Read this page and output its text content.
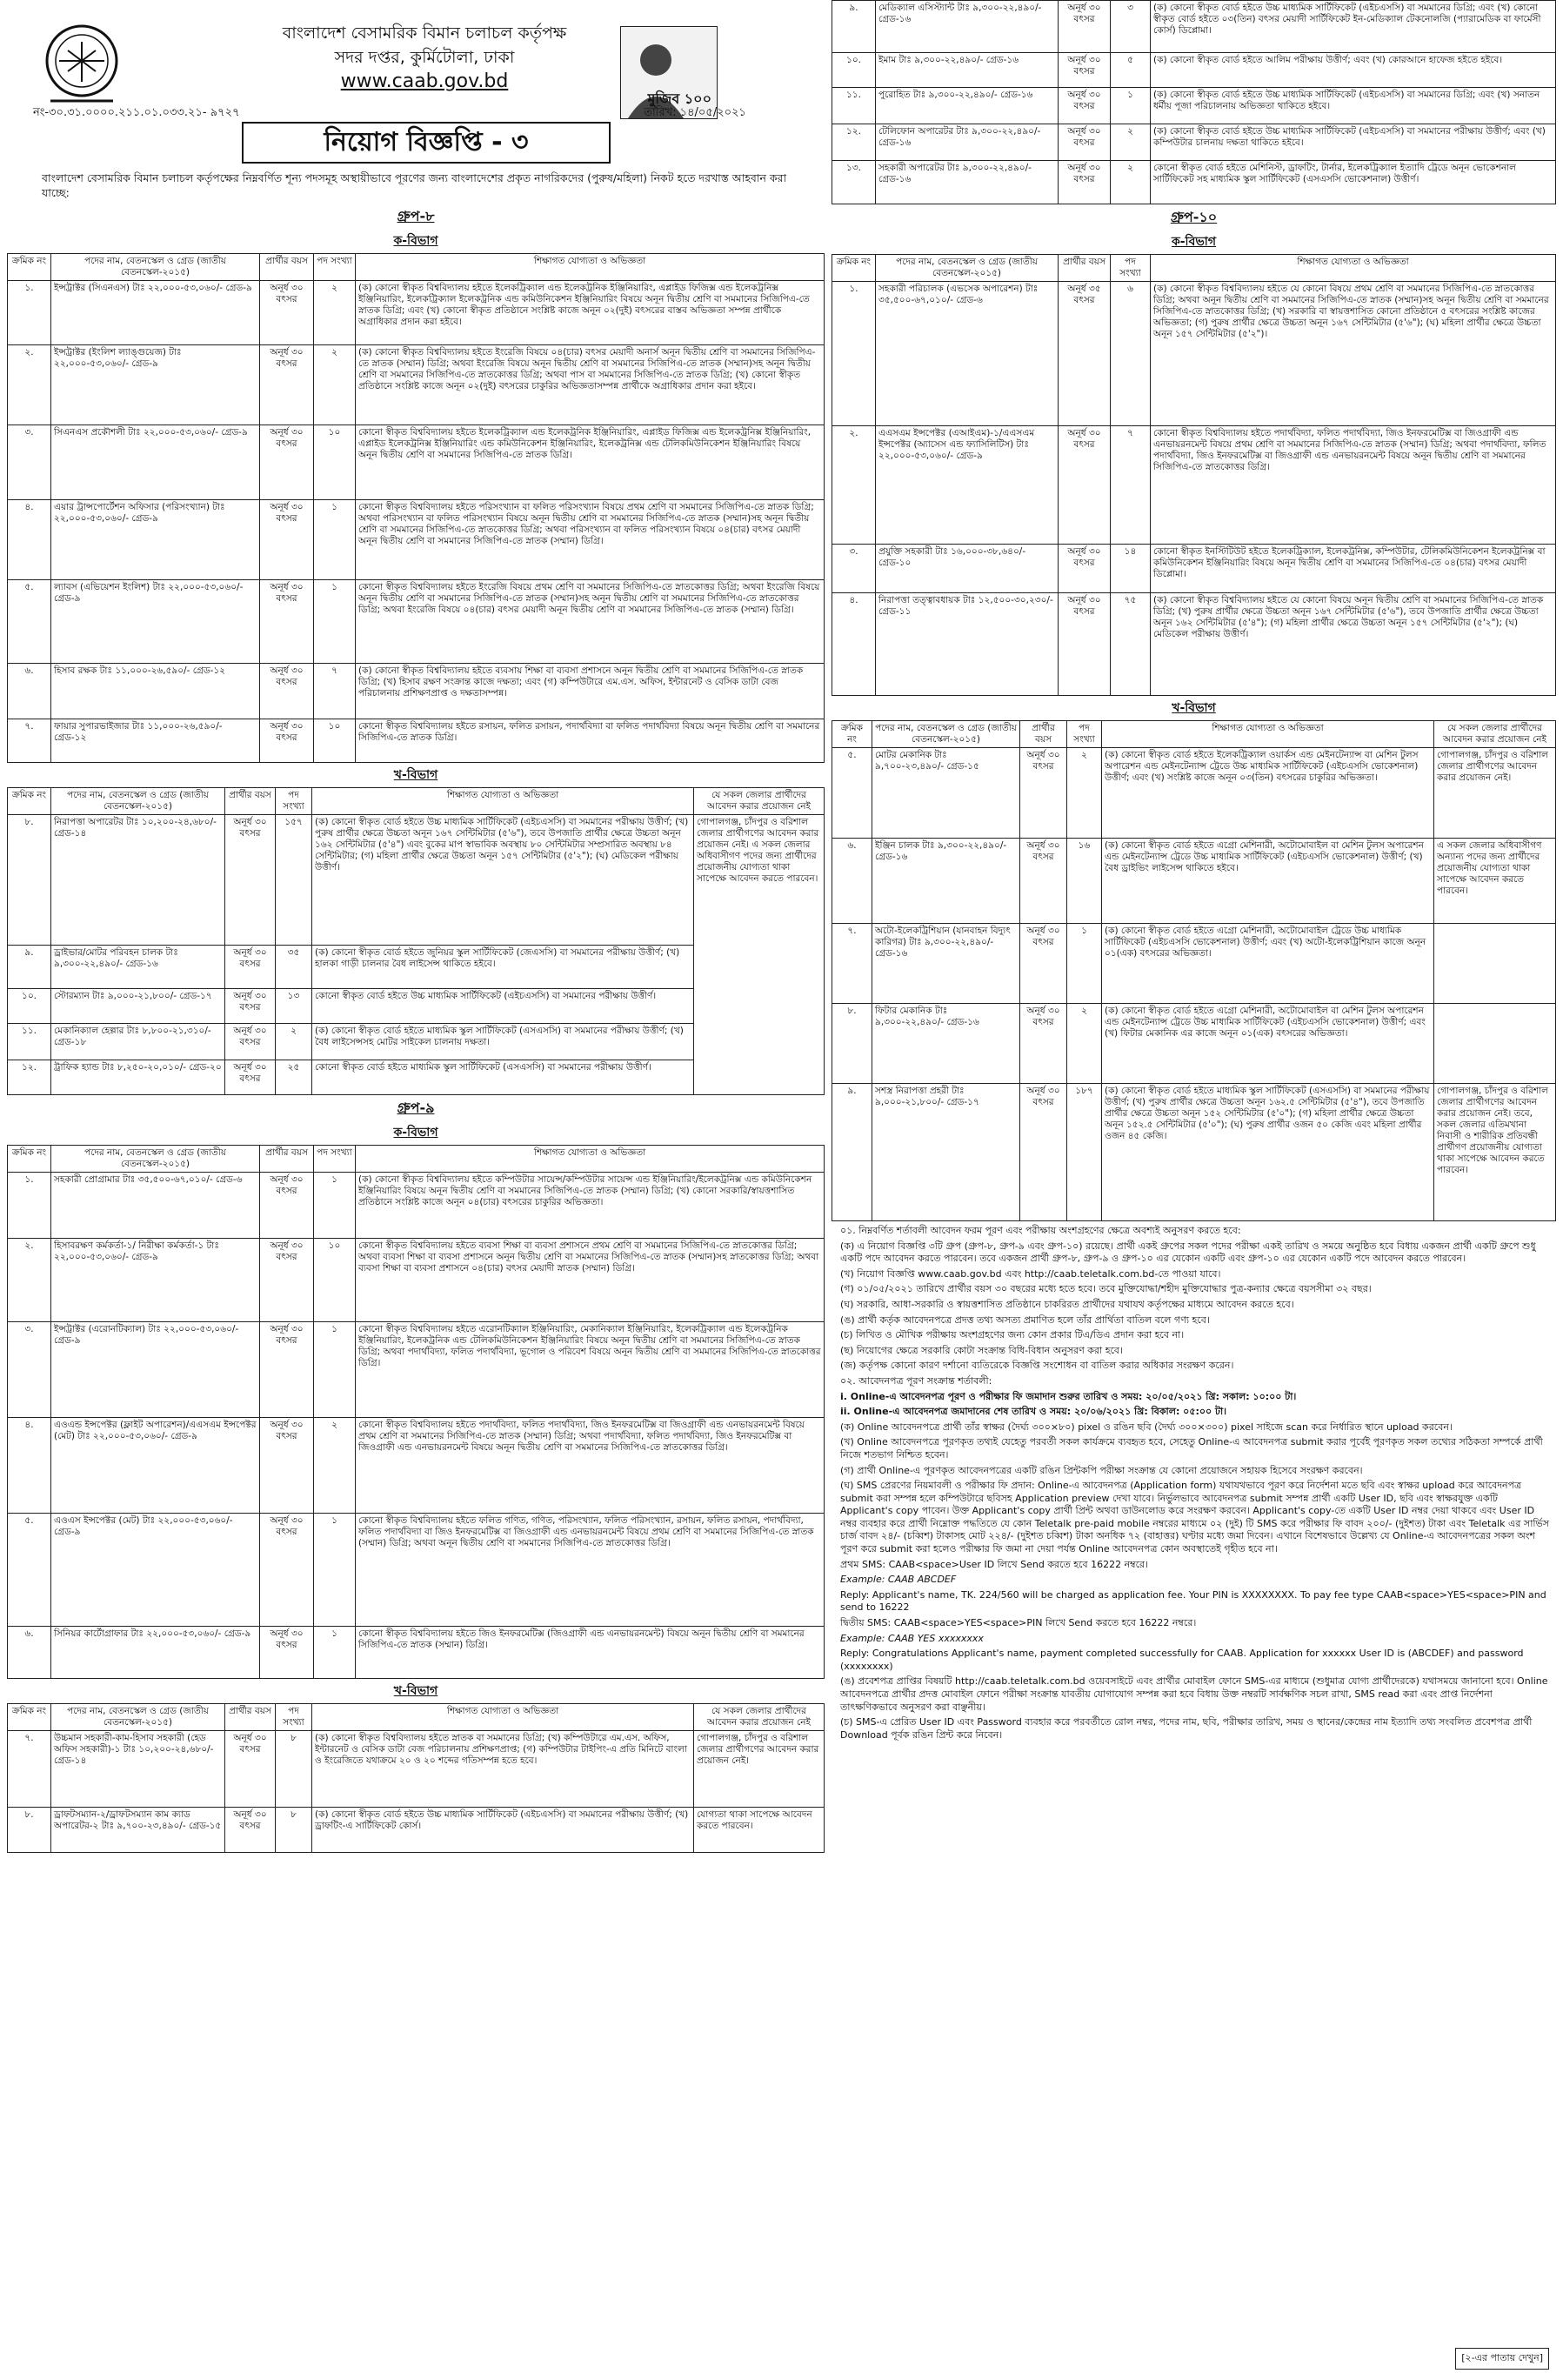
বাংলাদেশ বেসামরিক বিমান চলাচল কর্তৃপক্ষ
সদর দপ্তর, কুর্মিটোলা, ঢাকা
www.caab.gov.bd
মুজিব ১০০
নং-৩০.৩১.০০০০.২১১.০১.০৩৩.২১- ৯৭২৭	তারিখ: ১৪/০৫/২০২১
নিয়োগ বিজ্ঞপ্তি - ৩
বাংলাদেশ বেসামরিক বিমান চলাচল কর্তৃপক্ষের নিম্নবর্ণিত শূন্য পদসমূহ অস্থায়ীভাবে পূরণের জন্য বাংলাদেশের প্রকৃত নাগরিকদের (পুরুষ/মহিলা) নিকট হতে দরখাস্ত আহবান করা যাচ্ছে:
গ্রুপ-৮
ক-বিভাগ
ক্রমিক নং	পদের নাম, বেতনস্কেল ও গ্রেড (জাতীয় বেতনস্কেল-২০১৫)	প্রার্থীর বয়স	পদ সংখ্যা	শিক্ষাগত যোগ্যতা ও অভিজ্ঞতা
১.	ইন্সট্রাক্টর (সিএনএস) টাঃ ২২,০০০-৫৩,০৬০/- গ্রেড-৯	অনূর্ধ ৩০ বৎসর	২	(ক) কোনো স্বীকৃত বিশ্ববিদ্যালয় হইতে ইলেকট্রিক্যাল এন্ড ইলেকট্রনিক ইঞ্জিনিয়ারিং, এপ্লাইড ফিজিক্স এন্ড ইলেকট্রনিক্স ইঞ্জিনিয়ারিং, ইলেকট্রিক্যাল ইলেকট্রনিক এন্ড কমিউনিকেশন ইঞ্জিনিয়ারিং বিষয়ে অনূন দ্বিতীয় শ্রেণি বা সমমানের সিজিপিএ-তে স্নাতক ডিগ্রি; এবং (খ) কোনো স্বীকৃত প্রতিষ্ঠানে সংশ্লিষ্ট কাজে অনূন ০২(দুই) বৎসরের বাস্তব অভিজ্ঞতা সম্পন্ন প্রার্থীকে অগ্রাধিকার প্রদান করা হইবে।
২.	ইন্সট্রাক্টর (ইংলিশ ল্যাঙ্গুয়েজ) টাঃ ২২,০০০-৫৩,০৬০/- গ্রেড-৯	অনূর্ধ ৩০ বৎসর	২	(ক) কোনো স্বীকৃত বিশ্ববিদ্যালয় হইতে ইংরেজি বিষয়ে ০৪(চার) বৎসর মেয়াদী অনার্স অনূন দ্বিতীয় শ্রেণি বা সমমানের সিজিপিএ-তে স্নাতক (সম্মান) ডিগ্রি; অথবা ইংরেজি বিষয়ে অনূন দ্বিতীয় শ্রেণি বা সমমানের সিজিপিএ-তে স্নাতক (সম্মান)সহ অনূন দ্বিতীয় শ্রেণি বা সমমানের সিজিপিএ-তে স্নাতকোত্তর ডিগ্রি; অথবা পাস বা সমমানের সিজিপিএ-তে স্নাতক ডিগ্রি; (খ) কোনো স্বীকৃত প্রতিষ্ঠানে সংশ্লিষ্ট কাজে অনূন ০২(দুই) বৎসরের চাকুরির অভিজ্ঞতাসম্পন্ন প্রার্থীকে অগ্রাধিকার প্রদান করা হইবে।
৩.	সিএনএস প্রকৌশলী টাঃ ২২,০০০-৫৩,০৬০/- গ্রেড-৯	অনূর্ধ ৩০ বৎসর	১০	কোনো স্বীকৃত বিশ্ববিদ্যালয় হইতে ইলেকট্রিক্যাল এন্ড ইলেকট্রনিক ইঞ্জিনিয়ারিং, এপ্লাইড ফিজিক্স এন্ড ইলেকট্রনিক্স ইঞ্জিনিয়ারিং, এপ্লাইড ইলেকট্রনিক্স ইঞ্জিনিয়ারিং এন্ড কমিউনিকেশন ইঞ্জিনিয়ারিং, ইলেকট্রনিক্স এন্ড টেলিকমিউনিকেশন ইঞ্জিনিয়ারিং বিষয়ে অনূন দ্বিতীয় শ্রেণি বা সমমানের সিজিপিএ-তে স্নাতক ডিগ্রি।
৪.	এয়ার ট্রান্সপোর্টেশন অফিসার (পরিসংখ্যান) টাঃ ২২,০০০-৫৩,০৬০/- গ্রেড-৯	অনূর্ধ ৩০ বৎসর	১	কোনো স্বীকৃত বিশ্ববিদ্যালয় হইতে পরিসংখ্যান বা ফলিত পরিসংখ্যান বিষয়ে প্রথম শ্রেণি বা সমমানের সিজিপিএ-তে স্নাতক ডিগ্রি; অথবা পরিসংখ্যান বা ফলিত পরিসংখ্যান বিষয়ে অনূন দ্বিতীয় শ্রেণি বা সমমানের সিজিপিএ-তে স্নাতক (সম্মান)সহ অনূন দ্বিতীয় শ্রেণি বা সমমানের সিজিপিএ-তে স্নাতকোত্তর ডিগ্রি; অথবা পরিসংখ্যান বা ফলিত পরিসংখ্যান বিষয়ে ০৪(চার) বৎসর মেয়াদী অনূন দ্বিতীয় শ্রেণি বা সমমানের সিজিপিএ-তে স্নাতক (সম্মান) ডিগ্রি।
৫.	ল্যাবস (এভিয়েশন ইংলিশ) টাঃ ২২,০০০-৫৩,০৬০/- গ্রেড-৯	অনূর্ধ ৩০ বৎসর	১	কোনো স্বীকৃত বিশ্ববিদ্যালয় হইতে ইংরেজি বিষয়ে প্রথম শ্রেণি বা সমমানের সিজিপিএ-তে স্নাতকোত্তর ডিগ্রি; অথবা ইংরেজি বিষয়ে অনূন দ্বিতীয় শ্রেণি বা সমমানের সিজিপিএ-তে স্নাতক (সম্মান)সহ অনূন দ্বিতীয় শ্রেণি বা সমমানের সিজিপিএ-তে স্নাতকোত্তর ডিগ্রি; অথবা ইংরেজি বিষয়ে ০৪(চার) বৎসর মেয়াদী অনূন দ্বিতীয় শ্রেণি বা সমমানের সিজিপিএ-তে স্নাতক (সম্মান) ডিগ্রি।
৬.	হিসাব রক্ষক টাঃ ১১,০০০-২৬,৫৯০/- গ্রেড-১২	অনূর্ধ ৩০ বৎসর	৭	(ক) কোনো স্বীকৃত বিশ্ববিদ্যালয় হইতে ব্যবসায় শিক্ষা বা ব্যবসা প্রশাসনে অনূন দ্বিতীয় শ্রেণি বা সমমানের সিজিপিএ-তে স্নাতক ডিগ্রি; (খ) হিসাব রক্ষণ সংক্রান্ত কাজে দক্ষতা; এবং (গ) কম্পিউটারে এম.এস. অফিস, ইন্টারনেট ও বেসিক ডাটা বেজ পরিচালনায় প্রশিক্ষণপ্রাপ্ত ও দক্ষতাসম্পন্ন।
৭.	ফায়ার সুপারভাইজার টাঃ ১১,০০০-২৬,৫৯০/- গ্রেড-১২	অনূর্ধ ৩০ বৎসর	১০	কোনো স্বীকৃত বিশ্ববিদ্যালয় হইতে রসায়ন, ফলিত রসায়ন, পদার্থবিদ্যা বা ফলিত পদার্থবিদ্যা বিষয়ে অনূন দ্বিতীয় শ্রেণি বা সমমানের সিজিপিএ-তে স্নাতক ডিগ্রি।
খ-বিভাগ
ক্রমিক নং	পদের নাম, বেতনস্কেল ও গ্রেড (জাতীয় বেতনস্কেল-২০১৫)	প্রার্থীর বয়স	পদ সংখ্যা	শিক্ষাগত যোগ্যতা ও অভিজ্ঞতা	যে সকল জেলার প্রার্থীদের আবেদন করার প্রয়োজন নেই
৮.	নিরাপত্তা অপারেটর টাঃ ১০,২০০-২৪,৬৮০/- গ্রেড-১৪	অনূর্ধ ৩০ বৎসর	১৫৭	(ক) কোনো স্বীকৃত বোর্ড হইতে উচ্চ মাধ্যমিক সার্টিফিকেট (এইচএসসি) বা সমমানের পরীক্ষায় উত্তীর্ণ; (খ) পুরুষ প্রার্থীর ক্ষেত্রে উচ্চতা অনূন ১৬৭ সেন্টিমিটার (৫'৬"), তবে উপজাতি প্রার্থীর ক্ষেত্রে উচ্চতা অনূন ১৬২ সেন্টিমিটার (৫'৪") এবং বুকের মাপ স্বাভাবিক অবস্থায় ৮০ সেন্টিমিটার সম্প্রসারিত অবস্থায় ৮৪ সেন্টিমিটার; (গ) মহিলা প্রার্থীর ক্ষেত্রে উচ্চতা অনূন ১৫৭ সেন্টিমিটার (৫'২"); (ঘ) মেডিকেল পরীক্ষায় উত্তীর্ণ।	গোপালগঞ্জ, চাঁদপুর ও বরিশাল জেলার প্রার্থীগণের আবেদন করার প্রয়োজন নেই। এ সকল জেলার অধিবাসীগণ পদের জন্য প্রার্থীদের প্রয়োজনীয় যোগ্যতা থাকা সাপেক্ষে আবেদন করতে পারবেন।
৯.	ড্রাইভার/মোটর পরিবহন চালক টাঃ ৯,৩০০-২২,৪৯০/- গ্রেড-১৬	অনূর্ধ ৩০ বৎসর	৩৫	(ক) কোনো স্বীকৃত বোর্ড হইতে জুনিয়র স্কুল সার্টিফিকেট (জেএসসি) বা সমমানের পরীক্ষায় উত্তীর্ণ; (খ) হালকা গাড়ী চালনার বৈধ লাইসেন্স থাকিতে হইবে।	
১০.	স্টোরম্যান টাঃ ৯,০০০-২১,৮০০/- গ্রেড-১৭	অনূর্ধ ৩০ বৎসর	১৩	কোনো স্বীকৃত বোর্ড হইতে উচ্চ মাধ্যমিক সার্টিফিকেট (এইচএসসি) বা সমমানের পরীক্ষায় উত্তীর্ণ।	
১১.	মেকানিক্যাল হেল্পার টাঃ ৮,৮০০-২১,৩১০/- গ্রেড-১৮	অনূর্ধ ৩০ বৎসর	২	(ক) কোনো স্বীকৃত বোর্ড হইতে মাধ্যমিক স্কুল সার্টিফিকেট (এসএসসি) বা সমমানের পরীক্ষায় উত্তীর্ণ; (খ) বৈধ লাইসেন্সসহ মোটর সাইকেল চালনায় দক্ষতা।	
১২.	ট্রাফিক হ্যান্ড টাঃ ৮,২৫০-২০,০১০/- গ্রেড-২০	অনূর্ধ ৩০ বৎসর	২৫	কোনো স্বীকৃত বোর্ড হইতে মাধ্যমিক স্কুল সার্টিফিকেট (এসএসসি) বা সমমানের পরীক্ষায় উত্তীর্ণ।	
গ্রুপ-৯
ক-বিভাগ
ক্রমিক নং	পদের নাম, বেতনস্কেল ও গ্রেড (জাতীয় বেতনস্কেল-২০১৫)	প্রার্থীর বয়স	পদ সংখ্যা	শিক্ষাগত যোগ্যতা ও অভিজ্ঞতা
১.	সহকারী প্রোগ্রামার টাঃ ৩৫,৫০০-৬৭,০১০/- গ্রেড-৬	অনূর্ধ ৩০ বৎসর	১	(ক) কোনো স্বীকৃত বিশ্ববিদ্যালয় হইতে কম্পিউটার সায়েন্স/কম্পিউটার সায়েন্স এন্ড ইঞ্জিনিয়ারিং/ইলেকট্রনিক্স এন্ড কমিউনিকেশন ইঞ্জিনিয়ারিং বিষয়ে অনূন দ্বিতীয় শ্রেণি বা সমমানের সিজিপিএ-তে স্নাতক (সম্মান) ডিগ্রি; (খ) কোনো সরকারি/স্বায়ত্তশাসিত প্রতিষ্ঠানে সংশ্লিষ্ট কাজে অনূন ০৪(চার) বৎসরের চাকুরির অভিজ্ঞতা।
২.	হিসাবরক্ষণ কর্মকর্তা-১/ নিরীক্ষা কর্মকর্তা-১ টাঃ ২২,০০০-৫৩,০৬০/- গ্রেড-৯	অনূর্ধ ৩০ বৎসর	১০	কোনো স্বীকৃত বিশ্ববিদ্যালয় হইতে ব্যবসা শিক্ষা বা ব্যবসা প্রশাসনে প্রথম শ্রেণি বা সমমানের সিজিপিএ-তে স্নাতকোত্তর ডিগ্রি; অথবা ব্যবসা শিক্ষা বা ব্যবসা প্রশাসনে অনূন দ্বিতীয় শ্রেণি বা সমমানের সিজিপিএ-তে স্নাতক (সম্মান)সহ স্নাতকোত্তর ডিগ্রি; অথবা ব্যবসা শিক্ষা বা ব্যবসা প্রশাসনে ০৪(চার) বৎসর মেয়াদী স্নাতক (সম্মান) ডিগ্রি।
৩.	ইন্সট্রাক্টর (এরোনটিক্যাল) টাঃ ২২,০০০-৫৩,০৬০/- গ্রেড-৯	অনূর্ধ ৩০ বৎসর	১	কোনো স্বীকৃত বিশ্ববিদ্যালয় হইতে এরোনটিক্যাল ইঞ্জিনিয়ারিং, মেকানিক্যাল ইঞ্জিনিয়ারিং, ইলেকট্রিক্যাল এন্ড ইলেকট্রনিক ইঞ্জিনিয়ারিং, ইলেকট্রনিক এন্ড টেলিকমিউনিকেশন ইঞ্জিনিয়ারিং বিষয়ে অনূন দ্বিতীয় শ্রেণি বা সমমানের সিজিপিএ-তে স্নাতক ডিগ্রি; অথবা পদার্থবিদ্যা, ফলিত পদার্থবিদ্যা, ভূগোল ও পরিবেশ বিষয়ে অনূন দ্বিতীয় শ্রেণি বা সমমানের সিজিপিএ-তে স্নাতকোত্তর ডিগ্রি।
৪.	এওএন্ড ইন্সপেক্টর (ফ্লাইট অপারেশন)/এএসএম ইন্সপেক্টর (মেট) টাঃ ২২,০০০-৫৩,০৬০/- গ্রেড-৯	অনূর্ধ ৩০ বৎসর	২	কোনো স্বীকৃত বিশ্ববিদ্যালয় হইতে পদার্থবিদ্যা, ফলিত পদার্থবিদ্যা, জিও ইনফরমেটিক্স বা জিওগ্রাফী এন্ড এনভায়রনমেন্ট বিষয়ে প্রথম শ্রেণি বা সমমানের সিজিপিএ-তে স্নাতক (সম্মান) ডিগ্রি; অথবা পদার্থবিদ্যা, ফলিত পদার্থবিদ্যা, জিও ইনফরমেটিক্স বা জিওগ্রাফী এন্ড এনভায়রনমেন্ট বিষয়ে অনূন দ্বিতীয় শ্রেণি বা সমমানের সিজিপিএ-তে স্নাতকোত্তর ডিগ্রি।
৫.	এওএস ইন্সপেক্টর (মেট) টাঃ ২২,০০০-৫৩,০৬০/- গ্রেড-৯	অনূর্ধ ৩০ বৎসর	১	কোনো স্বীকৃত বিশ্ববিদ্যালয় হইতে ফলিত গণিত, গণিত, পরিসংখ্যান, ফলিত পরিসংখ্যান, রসায়ন, ফলিত রসায়ন, পদার্থবিদ্যা, ফলিত পদার্থবিদ্যা বা জিও ইনফরমেটিক্স বা জিওগ্রাফী এন্ড এনভায়রনমেন্ট বিষয়ে প্রথম শ্রেণি বা সমমানের সিজিপিএ-তে স্নাতক (সম্মান) ডিগ্রি; অথবা অনূন দ্বিতীয় শ্রেণি বা সমমানের সিজিপিএ-তে স্নাতকোত্তর ডিগ্রি।
৬.	সিনিয়র কার্টোগ্রাফার টাঃ ২২,০০০-৫৩,০৬০/- গ্রেড-৯	অনূর্ধ ৩০ বৎসর	১	কোনো স্বীকৃত বিশ্ববিদ্যালয় হইতে জিও ইনফরমেটিক্স (জিওগ্রাফী এন্ড এনভায়রনমেন্ট) বিষয়ে অনূন দ্বিতীয় শ্রেণি বা সমমানের সিজিপিএ-তে স্নাতক (সম্মান) ডিগ্রি।
খ-বিভাগ
ক্রমিক নং	পদের নাম, বেতনস্কেল ও গ্রেড (জাতীয় বেতনস্কেল-২০১৫)	প্রার্থীর বয়স	পদ সংখ্যা	শিক্ষাগত যোগ্যতা ও অভিজ্ঞতা	যে সকল জেলার প্রার্থীদের আবেদন করার প্রয়োজন নেই
৭.	উচ্চমান সহকারী-কাম-হিসাব সহকারী (হেড অফিস সহকারী)-১ টাঃ ১০,২০০-২৪,৬৮০/- গ্রেড-১৪	অনূর্ধ ৩০ বৎসর	৮	(ক) কোনো স্বীকৃত বিশ্ববিদ্যালয় হইতে স্নাতক বা সমমানের ডিগ্রি; (খ) কম্পিউটারে এম.এস. অফিস, ইন্টারনেট ও বেসিক ডাটা বেজ পরিচালনায় প্রশিক্ষণপ্রাপ্ত; (গ) কম্পিউটার টাইপিং-এ প্রতি মিনিটে বাংলা ও ইংরেজিতে যথাক্রমে ২০ ও ২০ শব্দের গতিসম্পন্ন হতে হবে।	গোপালগঞ্জ, চাঁদপুর ও বরিশাল জেলার প্রার্থীগণের আবেদন করার প্রয়োজন নেই।
৮.	ড্রাফটসম্যান-২/ড্রাফটসম্যান কাম ক্যাড অপারেটর-২ টাঃ ৯,৭০০-২৩,৪৯০/- গ্রেড-১৫	অনূর্ধ ৩০ বৎসর	৮	(ক) কোনো স্বীকৃত বোর্ড হইতে উচ্চ মাধ্যমিক সার্টিফিকেট (এইচএসসি) বা সমমানের পরীক্ষায় উত্তীর্ণ; (খ) ড্রাফটিং-এ সার্টিফিকেট কোর্স।	যোগ্যতা থাকা সাপেক্ষে আবেদন করতে পারবেন।
৯.	মেডিক্যাল এসিস্ট্যান্ট টাঃ ৯,৩০০-২২,৪৯০/- গ্রেড-১৬	অনূর্ধ ৩০ বৎসর	৩	(ক) কোনো স্বীকৃত বোর্ড হইতে উচ্চ মাধ্যমিক সার্টিফিকেট (এইচএসসি) বা সমমানের ডিগ্রি; এবং (খ) কোনো স্বীকৃত বোর্ড হইতে ০৩(তিন) বৎসর মেয়াদী সার্টিফিকেট ইন-মেডিক্যাল টেকনোলজি (প্যারামেডিক বা ফার্মেসী কোর্স) ডিপ্লোমা।
১০.	ইমাম টাঃ ৯,৩০০-২২,৪৯০/- গ্রেড-১৬	অনূর্ধ ৩০ বৎসর	৫	(ক) কোনো স্বীকৃত বোর্ড হইতে আলিম পরীক্ষায় উত্তীর্ণ; এবং (খ) কোরআনে হাফেজ হইতে হইবে।
১১.	পুরোহিত টাঃ ৯,৩০০-২২,৪৯০/- গ্রেড-১৬	অনূর্ধ ৩০ বৎসর	১	(ক) কোনো স্বীকৃত বোর্ড হইতে উচ্চ মাধ্যমিক সার্টিফিকেট (এইচএসসি) বা সমমানের ডিগ্রি; এবং (খ) সনাতন ধর্মীয় পূজা পরিচালনায় অভিজ্ঞতা থাকিতে হইবে।
১২.	টেলিফোন অপারেটর টাঃ ৯,৩০০-২২,৪৯০/- গ্রেড-১৬	অনূর্ধ ৩০ বৎসর	২	(ক) কোনো স্বীকৃত বোর্ড হইতে উচ্চ মাধ্যমিক সার্টিফিকেট (এইচএসসি) বা সমমানের পরীক্ষায় উত্তীর্ণ; এবং (খ) কম্পিউটার চালনায় দক্ষতা থাকিতে হইবে।
১৩.	সহকারী অপারেটর টাঃ ৯,৩০০-২২,৪৯০/- গ্রেড-১৬	অনূর্ধ ৩০ বৎসর	২	কোনো স্বীকৃত বোর্ড হইতে মেশিনিস্ট, ড্রাফটিং, টার্নার, ইলেকট্রিক্যাল ইত্যাদি ট্রেডে অনূন ভোকেশনাল সার্টিফিকেট সহ মাধ্যমিক স্কুল সার্টিফিকেট (এসএসসি ভোকেশনাল) উত্তীর্ণ।
গ্রুপ-১০
ক-বিভাগ
ক্রমিক নং	পদের নাম, বেতনস্কেল ও গ্রেড (জাতীয় বেতনস্কেল-২০১৫)	প্রার্থীর বয়স	পদ সংখ্যা	শিক্ষাগত যোগ্যতা ও অভিজ্ঞতা
১.	সহকারী পরিচালক (এভসেক অপারেশন) টাঃ ৩৫,৫০০-৬৭,০১০/- গ্রেড-৬	অনূর্ধ ৩৫ বৎসর	৬	(ক) কোনো স্বীকৃত বিশ্ববিদ্যালয় হইতে যে কোনো বিষয়ে প্রথম শ্রেণি বা সমমানের সিজিপিএ-তে স্নাতকোত্তর ডিগ্রি; অথবা অনূন দ্বিতীয় শ্রেণি বা সমমানের সিজিপিএ-তে স্নাতক (সম্মান)সহ অনূন দ্বিতীয় শ্রেণি বা সমমানের সিজিপিএ-তে স্নাতকোত্তর ডিগ্রি; (খ) সরকারি বা স্বায়ত্তশাসিত কোনো প্রতিষ্ঠানে ৫ বৎসরের সংশ্লিষ্ট কাজের অভিজ্ঞতা; (গ) পুরুষ প্রার্থীর ক্ষেত্রে উচ্চতা অনূন ১৬৭ সেন্টিমিটার (৫'৬"); (ঘ) মহিলা প্রার্থীর ক্ষেত্রে উচ্চতা অনূন ১৫৭ সেন্টিমিটার (৫'২")।
২.	এএসএম ইন্সপেক্টর (এআইএম)-১/এএসএম ইন্সপেক্টর (অ্যাসেস এন্ড ফ্যাসিলিটিস) টাঃ ২২,০০০-৫৩,০৬০/- গ্রেড-৯	অনূর্ধ ৩০ বৎসর	৭	কোনো স্বীকৃত বিশ্ববিদ্যালয় হইতে পদার্থবিদ্যা, ফলিত পদার্থবিদ্যা, জিও ইনফরমেটিক্স বা জিওগ্রাফী এন্ড এনভায়রনমেন্ট বিষয়ে প্রথম শ্রেণি বা সমমানের সিজিপিএ-তে স্নাতক (সম্মান) ডিগ্রি; অথবা পদার্থবিদ্যা, ফলিত পদার্থবিদ্যা, জিও ইনফরমেটিক্স বা জিওগ্রাফী এন্ড এনভায়রনমেন্ট বিষয়ে অনূন দ্বিতীয় শ্রেণি বা সমমানের সিজিপিএ-তে স্নাতকোত্তর ডিগ্রি।
৩.	প্রযুক্তি সহকারী টাঃ ১৬,০০০-৩৮,৬৪০/- গ্রেড-১০	অনূর্ধ ৩০ বৎসর	১৪	কোনো স্বীকৃত ইনস্টিটিউট হইতে ইলেকট্রিক্যাল, ইলেকট্রনিক্স, কম্পিউটার, টেলিকমিউনিকেশন ইলেকট্রনিক্স বা কমিউনিকেশন ইঞ্জিনিয়ারিং বিষয়ে অনূন দ্বিতীয় শ্রেণি বা সমমানের সিজিপিএ-তে ০৪(চার) বৎসর মেয়াদী ডিপ্লোমা।
৪.	নিরাপত্তা তত্ত্বাবধায়ক টাঃ ১২,৫০০-৩০,২৩০/- গ্রেড-১১	অনূর্ধ ৩০ বৎসর	৭৫	(ক) কোনো স্বীকৃত বিশ্ববিদ্যালয় হইতে যে কোনো বিষয়ে অনূন দ্বিতীয় শ্রেণি বা সমমানের সিজিপিএ-তে স্নাতক ডিগ্রি; (খ) পুরুষ প্রার্থীর ক্ষেত্রে উচ্চতা অনূন ১৬৭ সেন্টিমিটার (৫'৬"), তবে উপজাতি প্রার্থীর ক্ষেত্রে উচ্চতা অনূন ১৬২ সেন্টিমিটার (৫'৪"); (গ) মহিলা প্রার্থীর ক্ষেত্রে উচ্চতা অনূন ১৫৭ সেন্টিমিটার (৫'২"); (ঘ) মেডিকেল পরীক্ষায় উত্তীর্ণ।
খ-বিভাগ
ক্রমিক নং	পদের নাম, বেতনস্কেল ও গ্রেড (জাতীয় বেতনস্কেল-২০১৫)	প্রার্থীর বয়স	পদ সংখ্যা	শিক্ষাগত যোগ্যতা ও অভিজ্ঞতা	যে সকল জেলার প্রার্থীদের আবেদন করার প্রয়োজন নেই
৫.	মোটর মেকানিক টাঃ ৯,৭০০-২৩,৪৯০/- গ্রেড-১৫	অনূর্ধ ৩০ বৎসর	২	(ক) কোনো স্বীকৃত বোর্ড হইতে ইলেকট্রিক্যাল ওয়ার্কস এন্ড মেইনটেন্যান্স বা মেশিন টুলস অপারেশন এন্ড মেইনটেন্যান্স ট্রেডে উচ্চ মাধ্যমিক সার্টিফিকেট (এইচএসসি ভোকেশনাল) উত্তীর্ণ; এবং (খ) সংশ্লিষ্ট কাজে অনূন ০৩(তিন) বৎসরের চাকুরির অভিজ্ঞতা।	গোপালগঞ্জ, চাঁদপুর ও বরিশাল জেলার প্রার্থীগণের আবেদন করার প্রয়োজন নেই।
৬.	ইঞ্জিন চালক টাঃ ৯,৩০০-২২,৪৯০/- গ্রেড-১৬	অনূর্ধ ৩০ বৎসর	১৬	(ক) কোনো স্বীকৃত বোর্ড হইতে এগ্রো মেশিনারী, অটোমোবাইল বা মেশিন টুলস অপারেশন এন্ড মেইনটেন্যান্স ট্রেডে উচ্চ মাধ্যমিক সার্টিফিকেট (এইচএসসি ভোকেশনাল) উত্তীর্ণ; (খ) বৈধ ড্রাইভিং লাইসেন্স থাকিতে হইবে।	এ সকল জেলার অধিবাসীগণ অন্যান্য পদের জন্য প্রার্থীদের প্রয়োজনীয় যোগ্যতা থাকা সাপেক্ষে আবেদন করতে পারবেন।
৭.	অটো-ইলেকট্রিশিয়ান (যানবাহন বিদ্যুৎ কারিগর) টাঃ ৯,৩০০-২২,৪৯০/- গ্রেড-১৬	অনূর্ধ ৩০ বৎসর	১	(ক) কোনো স্বীকৃত বোর্ড হইতে এগ্রো মেশিনারী, অটোমোবাইল ট্রেডে উচ্চ মাধ্যমিক সার্টিফিকেট (এইচএসসি ভোকেশনাল) উত্তীর্ণ; এবং (খ) অটো-ইলেকট্রিশিয়ান কাজে অনূন ০১(এক) বৎসরের অভিজ্ঞতা।	
৮.	ফিটার মেকানিক টাঃ ৯,৩০০-২২,৪৯০/- গ্রেড-১৬	অনূর্ধ ৩০ বৎসর	২	(ক) কোনো স্বীকৃত বোর্ড হইতে এগ্রো মেশিনারী, অটোমোবাইল বা মেশিন টুলস অপারেশন এন্ড মেইনটেন্যান্স ট্রেডে উচ্চ মাধ্যমিক সার্টিফিকেট (এইচএসসি ভোকেশনাল) উত্তীর্ণ; এবং (খ) ফিটার মেকানিক এর কাজে অনূন ০১(এক) বৎসরের অভিজ্ঞতা।	
৯.	সশস্ত্র নিরাপত্তা প্রহরী টাঃ ৯,০০০-২১,৮০০/- গ্রেড-১৭	অনূর্ধ ৩০ বৎসর	১৮৭	(ক) কোনো স্বীকৃত বোর্ড হইতে মাধ্যমিক স্কুল সার্টিফিকেট (এসএসসি) বা সমমানের পরীক্ষায় উত্তীর্ণ; (খ) পুরুষ প্রার্থীর ক্ষেত্রে উচ্চতা অনূন ১৬২.৫ সেন্টিমিটার (৫'৪"), তবে উপজাতি প্রার্থীর ক্ষেত্রে উচ্চতা অনূন ১৫২ সেন্টিমিটার (৫'০"); (গ) মহিলা প্রার্থীর ক্ষেত্রে উচ্চতা অনূন ১৫২.৫ সেন্টিমিটার (৫'০"); (ঘ) পুরুষ প্রার্থীর ওজন ৫০ কেজি এবং মহিলা প্রার্থীর ওজন ৪৫ কেজি।	গোপালগঞ্জ, চাঁদপুর ও বরিশাল জেলার প্রার্থীগণের আবেদন করার প্রয়োজন নেই। তবে, সকল জেলার এতিমখানা নিবাসী ও শারীরিক প্রতিবন্ধী প্রার্থীগণ প্রয়োজনীয় যোগ্যতা থাকা সাপেক্ষে আবেদন করতে পারবেন।

০১. নিম্নবর্ণিত শর্তাবলী আবেদন ফরম পূরণ এবং পরীক্ষায় অংশগ্রহণের ক্ষেত্রে অবশ্যই অনুসরণ করতে হবে:

(ক) এ নিয়োগ বিজ্ঞপ্তি ৩টি গ্রুপ (গ্রুপ-৮, গ্রুপ-৯ এবং গ্রুপ-১০) রয়েছে। প্রার্থী একই গ্রুপের সকল পদের পরীক্ষা একই তারিখ ও সময়ে অনুষ্ঠিত হবে বিধায় একজন প্রার্থী একটি গ্রুপে শুধু একটি পদে আবেদন করতে পারবেন। তবে একজন প্রার্থী গ্রুপ-৮, গ্রুপ-৯ ও গ্রুপ-১০ এর যেকোন একটি এবং গ্রুপ-১০ এর যেকোন একটি পদে আবেদন করতে পারবেন।

(খ) নিয়োগ বিজ্ঞপ্তি www.caab.gov.bd এবং http://caab.teletalk.com.bd-তে পাওয়া যাবে।

(গ) ০১/০৫/২০২১ তারিখে প্রার্থীর বয়স ৩০ বছরের মধ্যে হতে হবে। তবে মুক্তিযোদ্ধা/শহীদ মুক্তিযোদ্ধার পুত্র-কন্যার ক্ষেত্রে বয়সসীমা ৩২ বছর।

(ঘ) সরকারি, আধা-সরকারি ও স্বায়ত্তশাসিত প্রতিষ্ঠানে চাকরিরত প্রার্থীদের যথাযথ কর্তৃপক্ষের মাধ্যমে আবেদন করতে হবে।

(ঙ) প্রার্থী কর্তৃক আবেদনপত্রে প্রদত্ত তথ্য অসত্য প্রমাণিত হলে তাঁর প্রার্থিতা বাতিল বলে গণ্য হবে।

(চ) লিখিত ও মৌখিক পরীক্ষায় অংশগ্রহণের জন্য কোন প্রকার টিএ/ডিএ প্রদান করা হবে না।

(ছ) নিয়োগের ক্ষেত্রে সরকারি কোটা সংক্রান্ত বিধি-বিধান অনুসরণ করা হবে।

(জ) কর্তৃপক্ষ কোনো কারণ দর্শানো ব্যতিরেকে বিজ্ঞপ্তি সংশোধন বা বাতিল করার অধিকার সংরক্ষণ করেন।

০২. আবেদনপত্র পূরণ সংক্রান্ত শর্তাবলী:

i. Online-এ আবেদনপত্র পূরণ ও পরীক্ষার ফি জমাদান শুরুর তারিখ ও সময়: ২০/০৫/২০২১ খ্রি: সকাল: ১০:০০ টা।

ii. Online-এ আবেদনপত্র জমাদানের শেষ তারিখ ও সময়: ২০/০৬/২০২১ খ্রি: বিকাল: ০৫:০০ টা।

(ক) Online আবেদনপত্রে প্রার্থী তাঁর স্বাক্ষর (দৈর্ঘ্য ৩০০×৮০) pixel ও রঙিন ছবি (দৈর্ঘ্য ৩০০×৩০০) pixel সাইজে scan করে নির্ধারিত স্থানে upload করবেন।

(খ) Online আবেদনপত্রে পূরণকৃত তথ্যই যেহেতু পরবর্তী সকল কার্যক্রমে ব্যবহৃত হবে, সেহেতু Online-এ আবেদনপত্র submit করার পূর্বেই পূরণকৃত সকল তথ্যের সঠিকতা সম্পর্কে প্রার্থী নিজে শতভাগ নিশ্চিত হবেন।

(গ) প্রার্থী Online-এ পূরণকৃত আবেদনপত্রের একটি রঙিন প্রিন্টকপি পরীক্ষা সংক্রান্ত যে কোনো প্রয়োজনে সহায়ক হিসেবে সংরক্ষণ করবেন।

(ঘ) SMS প্রেরণের নিয়মাবলী ও পরীক্ষার ফি প্রদান: Online-এ আবেদনপত্র (Application form) যথাযথভাবে পূরণ করে নির্দেশনা মতে ছবি এবং স্বাক্ষর upload করে আবেদনপত্র submit করা সম্পন্ন হলে কম্পিউটারে ছবিসহ Application preview দেখা যাবে। নির্ভুলভাবে আবেদনপত্র submit সম্পন্ন প্রার্থী একটি User ID, ছবি এবং স্বাক্ষরযুক্ত একটি Applicant's copy পাবেন। উক্ত Applicant's copy প্রার্থী প্রিন্ট অথবা ডাউনলোড করে সংরক্ষণ করবেন। Applicant's copy-তে একটি User ID নম্বর দেয়া থাকবে এবং User ID নম্বর ব্যবহার করে প্রার্থী নিম্নোক্ত পদ্ধতিতে যে কোন Teletalk pre-paid mobile নম্বরের মাধ্যমে ০২ (দুই) টি SMS করে পরীক্ষার ফি বাবদ ২০০/- (দুইশত) টাকা এবং Teletalk এর সার্ভিস চার্জ বাবদ ২৪/- (চব্বিশ) টাকাসহ মোট ২২৪/- (দুইশত চব্বিশ) টাকা অনধিক ৭২ (বাহাত্তর) ঘণ্টার মধ্যে জমা দিবেন। এখানে বিশেষভাবে উল্লেখ্য যে Online-এ আবেদনপত্রের সকল অংশ পূরণ করে submit করা হলেও পরীক্ষার ফি জমা না দেয়া পর্যন্ত Online আবেদনপত্র কোন অবস্থাতেই গৃহীত হবে না।

প্রথম SMS: CAAB<space>User ID লিখে Send করতে হবে 16222 নম্বরে।

Example: CAAB ABCDEF

Reply: Applicant's name, TK. 224/560 will be charged as application fee. Your PIN is XXXXXXXX. To pay fee type CAAB<space>YES<space>PIN and send to 16222

দ্বিতীয় SMS: CAAB<space>YES<space>PIN লিখে Send করতে হবে 16222 নম্বরে।

Example: CAAB YES xxxxxxxx

Reply: Congratulations Applicant's name, payment completed successfully for CAAB. Application for xxxxxx User ID is (ABCDEF) and password (xxxxxxxx)

(ঙ) প্রবেশপত্র প্রাপ্তির বিষয়টি http://caab.teletalk.com.bd ওয়েবসাইটে এবং প্রার্থীর মোবাইল ফোনে SMS-এর মাধ্যমে (শুধুমাত্র যোগ্য প্রার্থীদেরকে) যথাসময়ে জানানো হবে। Online আবেদনপত্রে প্রার্থীর প্রদত্ত মোবাইল ফোনে পরীক্ষা সংক্রান্ত যাবতীয় যোগাযোগ সম্পন্ন করা হবে বিধায় উক্ত নম্বরটি সার্বক্ষণিক সচল রাখা, SMS read করা এবং প্রাপ্ত নির্দেশনা তাৎক্ষণিকভাবে অনুসরণ করা বাঞ্ছনীয়।

(চ) SMS-এ প্রেরিত User ID এবং Password ব্যবহার করে পরবর্তীতে রোল নম্বর, পদের নাম, ছবি, পরীক্ষার তারিখ, সময় ও স্থানের/কেন্দ্রের নাম ইত্যাদি তথ্য সংবলিত প্রবেশপত্র প্রার্থী Download পূর্বক রঙিন প্রিন্ট করে নিবেন।

[২-এর পাতায় দেখুন]
